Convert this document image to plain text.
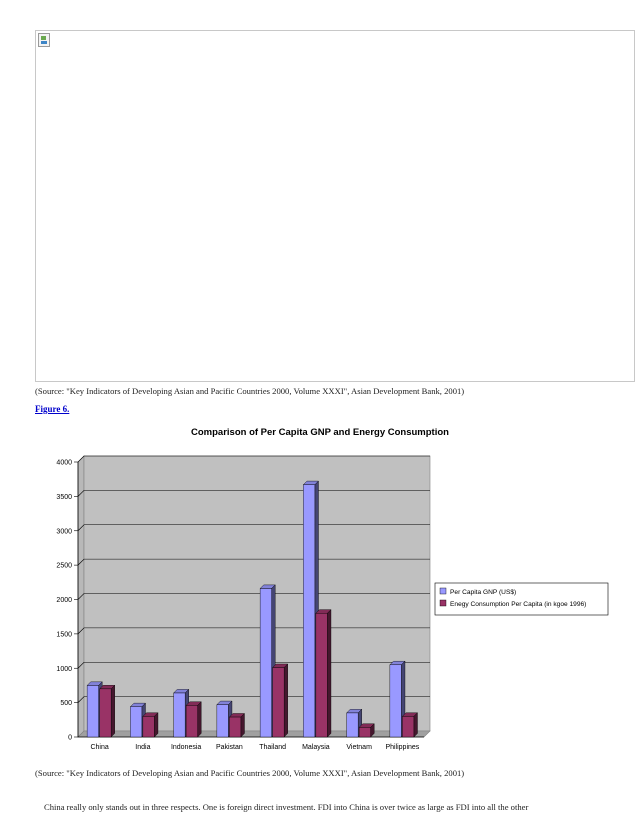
(Source: "Key Indicators of Developing Asian and Pacific Countries 2000, Volume XXXI", Asian Development Bank, 2001)
Figure 6.
Comparison of Per Capita GNP and Energy Consumption
0
500
1000
1500
2000
2500
3000
3500
4000
China	India	Indonesia Pakistan Thailand Malaysia Vietnam Philippines
Per Capita GNP (US$)
Enegy Consumption Per Capita (in kgoe 1996)
(Source: "Key Indicators of Developing Asian and Pacific Countries 2000, Volume XXXI", Asian Development Bank, 2001)
China really only stands out in three respects. One is foreign direct investment. FDI into China is over twice as large as FDI into all the other
